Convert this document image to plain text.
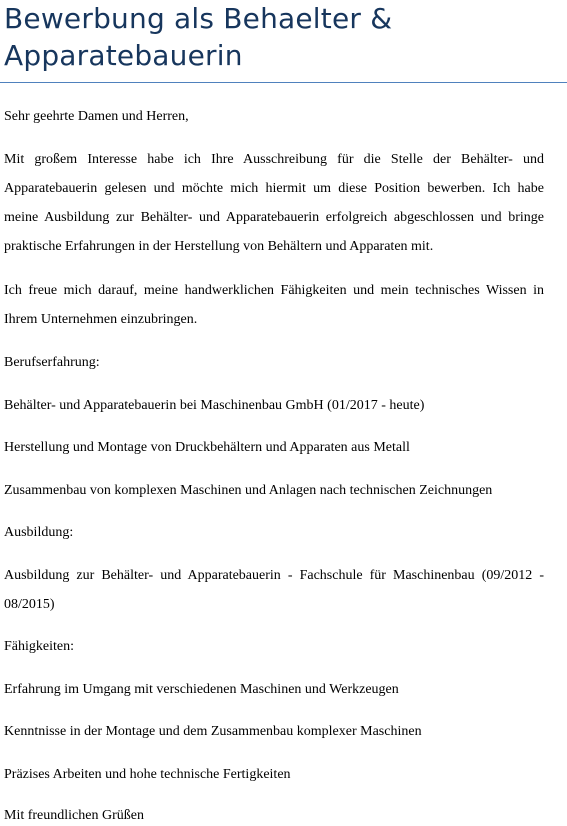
Bewerbung als Behaelter & Apparatebauerin

Sehr geehrte Damen und Herren,

Mit großem Interesse habe ich Ihre Ausschreibung für die Stelle der Behälter- und

Apparatebauerin gelesen und möchte mich hiermit um diese Position bewerben. Ich habe

meine Ausbildung zur Behälter- und Apparatebauerin erfolgreich abgeschlossen und bringe

praktische Erfahrungen in der Herstellung von Behältern und Apparaten mit.

Ich freue mich darauf, meine handwerklichen Fähigkeiten und mein technisches Wissen in

Ihrem Unternehmen einzubringen.

Berufserfahrung:

Behälter- und Apparatebauerin bei Maschinenbau GmbH (01/2017 - heute)

Herstellung und Montage von Druckbehältern und Apparaten aus Metall

Zusammenbau von komplexen Maschinen und Anlagen nach technischen Zeichnungen

Ausbildung:

Ausbildung zur Behälter- und Apparatebauerin - Fachschule für Maschinenbau (09/2012 -

08/2015)

Fähigkeiten:

Erfahrung im Umgang mit verschiedenen Maschinen und Werkzeugen

Kenntnisse in der Montage und dem Zusammenbau komplexer Maschinen

Präzises Arbeiten und hohe technische Fertigkeiten

Mit freundlichen Grüßen
